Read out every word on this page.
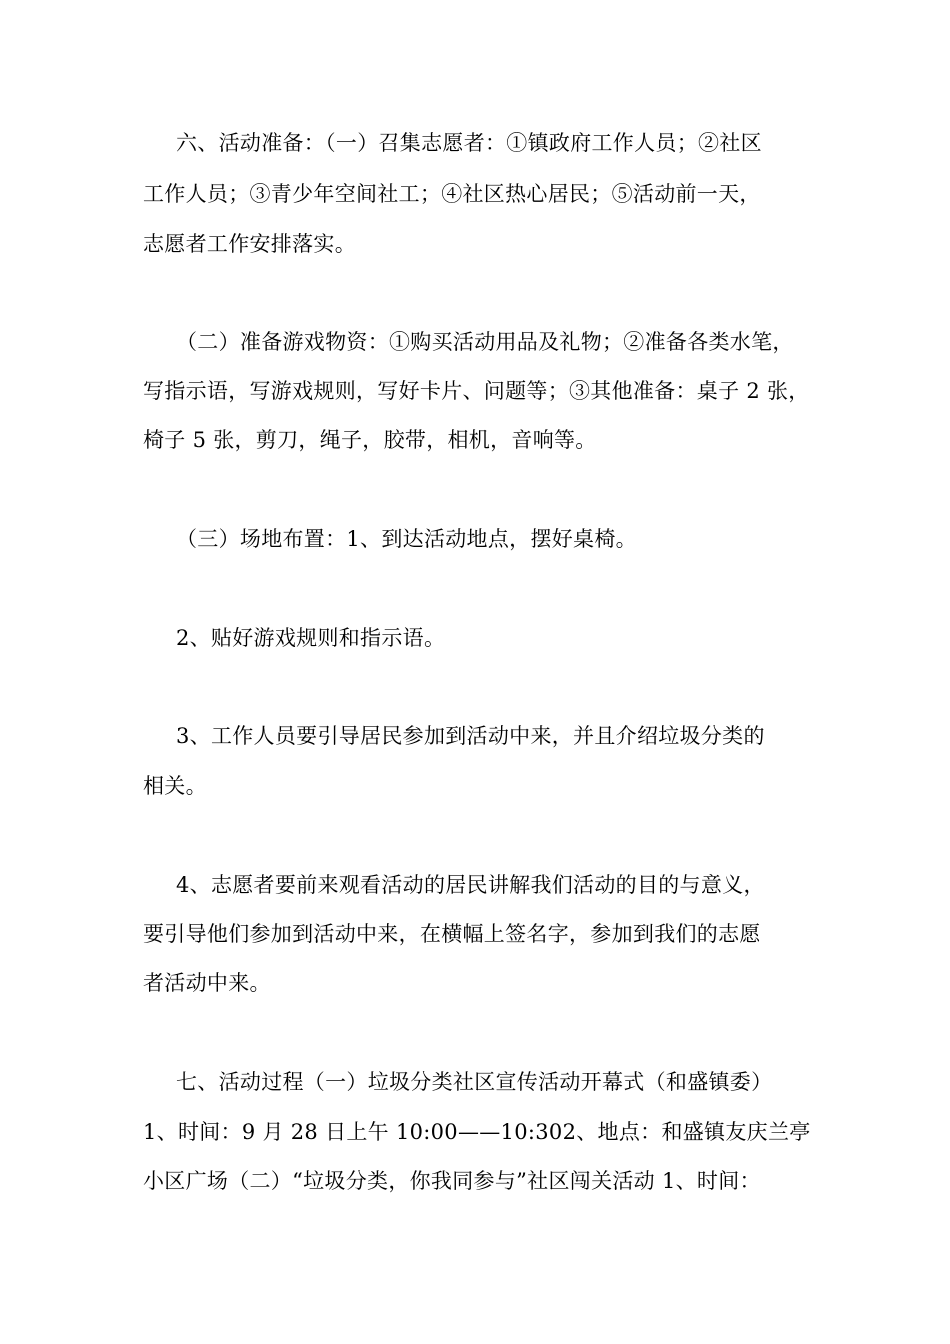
六、活动准备：（一）召集志愿者：①镇政府工作人员；②社区
工作人员；③青少年空间社工；④社区热心居民；⑤活动前一天，
志愿者工作安排落实。
（二）准备游戏物资：①购买活动用品及礼物；②准备各类水笔，
写指示语，写游戏规则，写好卡片、问题等；③其他准备：桌子 2 张，
椅子 5 张，剪刀，绳子，胶带，相机，音响等。
（三）场地布置：1、到达活动地点，摆好桌椅。
2、贴好游戏规则和指示语。
3、工作人员要引导居民参加到活动中来，并且介绍垃圾分类的
相关。
4、志愿者要前来观看活动的居民讲解我们活动的目的与意义，
要引导他们参加到活动中来，在横幅上签名字，参加到我们的志愿
者活动中来。
七、活动过程（一）垃圾分类社区宣传活动开幕式（和盛镇委）
1、时间：9 月 28 日上午 10:00——10:302、地点：和盛镇友庆兰亭
小区广场（二）“垃圾分类，你我同参与”社区闯关活动 1、时间：
